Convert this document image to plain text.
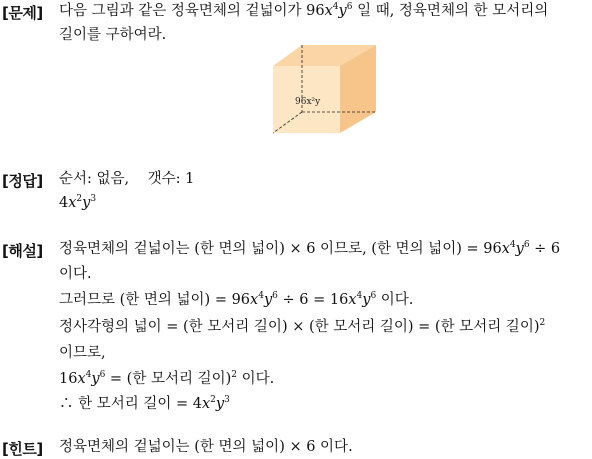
[문제] 다음 그림과 같은 정육면체의 겉넓이가 $96x^4y^6$ 일 때, 정육면체의 한 모서리의
길이를 구하여라.
96x²y
[정답] 순서: 없음, 갯수: 1
$4x^2y^3$
[해설] 정육면체의 겉넓이는 (한 면의 넓이) × 6 이므로, (한 면의 넓이) = $96x^4y^6 \div 6$
이다.
그러므로 (한 면의 넓이) = $96x^4y^6 \div 6 = 16x^4y^6$ 이다.
정사각형의 넓이 = (한 모서리 길이) × (한 모서리 길이) = (한 모서리 길이)$^2$
이므로,
$16x^4y^6$ = (한 모서리 길이)$^2$ 이다.
∴ 한 모서리 길이 = $4x^2y^3$
[힌트] 정육면체의 겉넓이는 (한 면의 넓이) × 6 이다.
